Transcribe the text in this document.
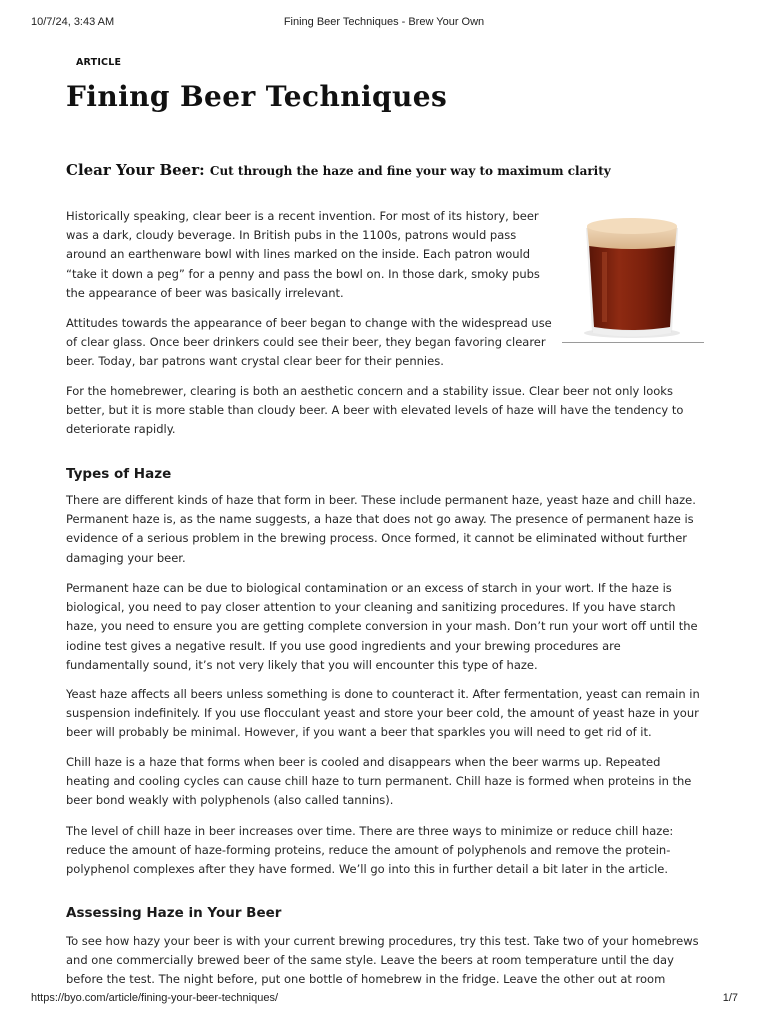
10/7/24, 3:43 AM	Fining Beer Techniques - Brew Your Own
ARTICLE
Fining Beer Techniques
Clear Your Beer: Cut through the haze and fine your way to maximum clarity

Historically speaking, clear beer is a recent invention. For most of its history, beer was a dark, cloudy beverage. In British pubs in the 1100s, patrons would pass around an earthenware bowl with lines marked on the inside. Each patron would “take it down a peg” for a penny and pass the bowl on. In those dark, smoky pubs the appearance of beer was basically irrelevant.

Attitudes towards the appearance of beer began to change with the widespread use of clear glass. Once beer drinkers could see their beer, they began favoring clearer beer. Today, bar patrons want crystal clear beer for their pennies.

For the homebrewer, clearing is both an aesthetic concern and a stability issue. Clear beer not only looks better, but it is more stable than cloudy beer. A beer with elevated levels of haze will have the tendency to deteriorate rapidly.

Types of Haze

There are different kinds of haze that form in beer. These include permanent haze, yeast haze and chill haze. Permanent haze is, as the name suggests, a haze that does not go away. The presence of permanent haze is evidence of a serious problem in the brewing process. Once formed, it cannot be eliminated without further damaging your beer.

Permanent haze can be due to biological contamination or an excess of starch in your wort. If the haze is biological, you need to pay closer attention to your cleaning and sanitizing procedures. If you have starch haze, you need to ensure you are getting complete conversion in your mash. Don’t run your wort off until the iodine test gives a negative result. If you use good ingredients and your brewing procedures are fundamentally sound, it’s not very likely that you will encounter this type of haze.

Yeast haze affects all beers unless something is done to counteract it. After fermentation, yeast can remain in suspension indefinitely. If you use flocculant yeast and store your beer cold, the amount of yeast haze in your beer will probably be minimal. However, if you want a beer that sparkles you will need to get rid of it.

Chill haze is a haze that forms when beer is cooled and disappears when the beer warms up. Repeated heating and cooling cycles can cause chill haze to turn permanent. Chill haze is formed when proteins in the beer bond weakly with polyphenols (also called tannins).

The level of chill haze in beer increases over time. There are three ways to minimize or reduce chill haze: reduce the amount of haze-forming proteins, reduce the amount of polyphenols and remove the protein-polyphenol complexes after they have formed. We’ll go into this in further detail a bit later in the article.

Assessing Haze in Your Beer

To see how hazy your beer is with your current brewing procedures, try this test. Take two of your homebrews and one commercially brewed beer of the same style. Leave the beers at room temperature until the day before the test. The night before, put one bottle of homebrew in the fridge. Leave the other out at room

https://byo.com/article/fining-your-beer-techniques/	1/7
